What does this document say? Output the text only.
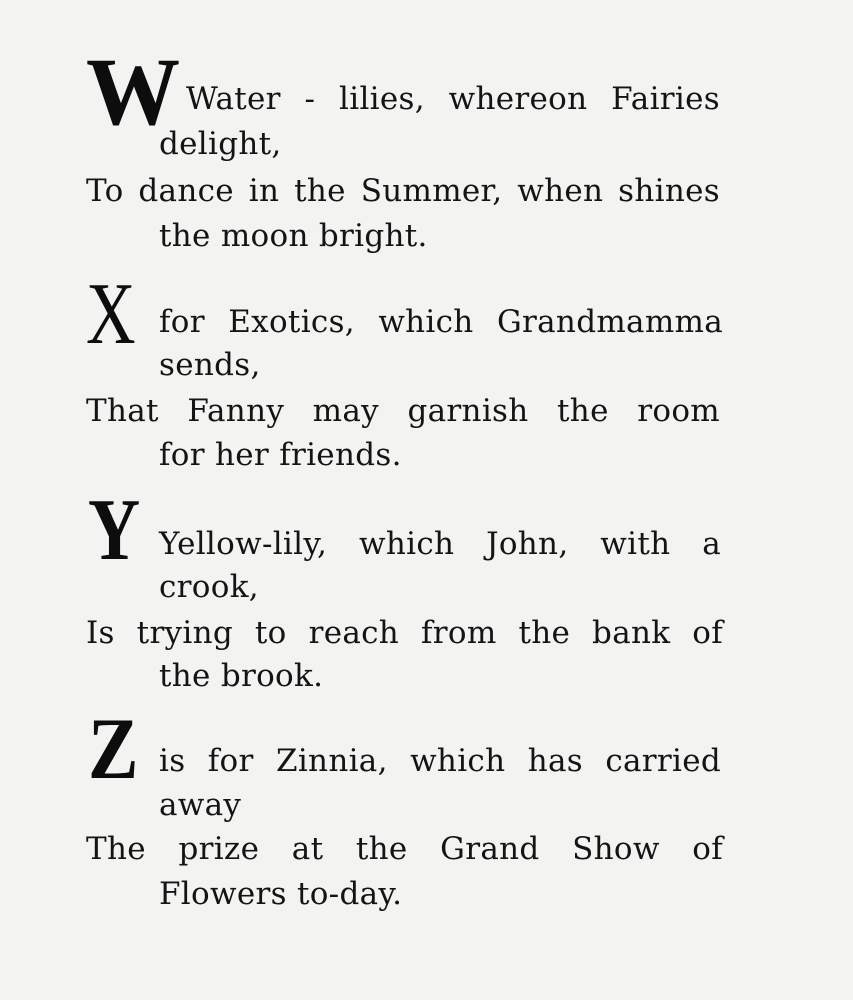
W Water - lilies, whereon Fairies
delight,
To dance in the Summer, when shines
the moon bright.
X for Exotics, which Grandmamma
sends,
That Fanny may garnish the room
for her friends.
Y Yellow-lily, which John, with a
crook,
Is trying to reach from the bank of
the brook.
Z is for Zinnia, which has carried
away
The prize at the Grand Show of
Flowers to-day.
